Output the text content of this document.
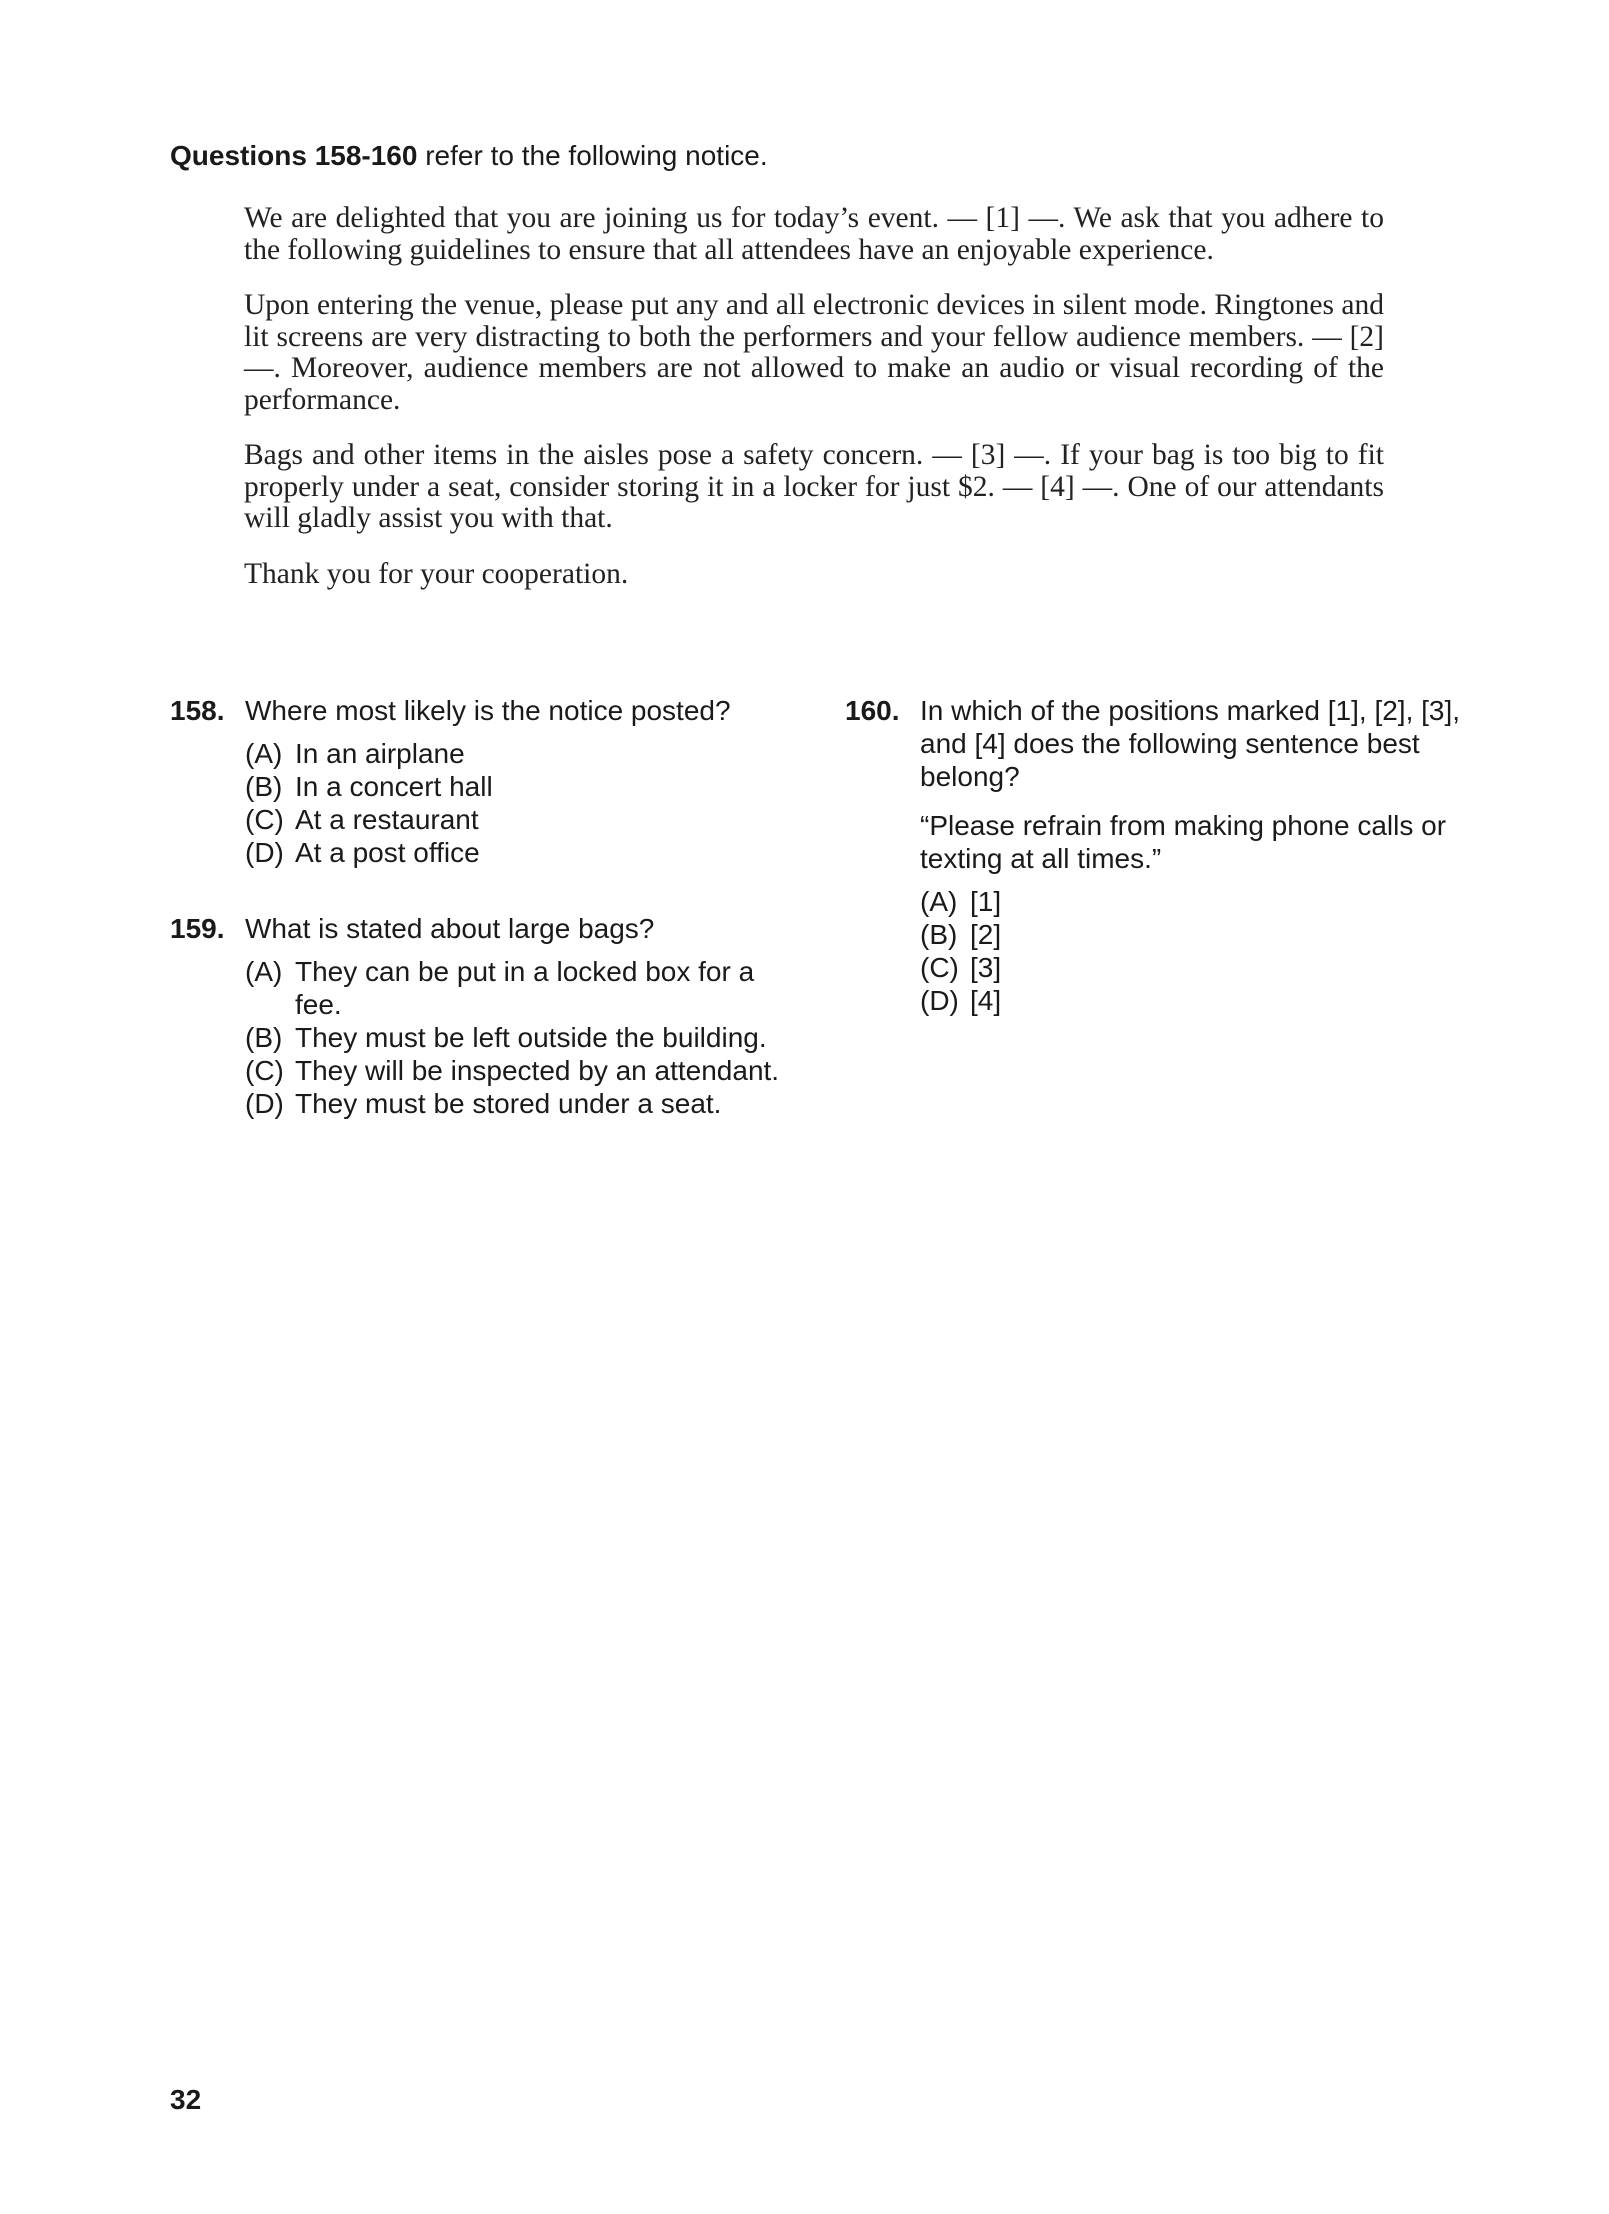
Questions 158-160 refer to the following notice.

We are delighted that you are joining us for today’s event. — [1] —. We ask that you adhere to the following guidelines to ensure that all attendees have an enjoyable experience.

Upon entering the venue, please put any and all electronic devices in silent mode. Ringtones and lit screens are very distracting to both the performers and your fellow audience members. — [2] —. Moreover, audience members are not allowed to make an audio or visual recording of the performance.

Bags and other items in the aisles pose a safety concern. — [3] —. If your bag is too big to fit properly under a seat, consider storing it in a locker for just $2. — [4] —. One of our attendants will gladly assist you with that.

Thank you for your cooperation.

158. Where most likely is the notice posted?
(A) In an airplane
(B) In a concert hall
(C) At a restaurant
(D) At a post office
159. What is stated about large bags?
(A) They can be put in a locked box for a fee.
(B) They must be left outside the building.
(C) They will be inspected by an attendant.
(D) They must be stored under a seat.
160. In which of the positions marked [1], [2], [3], and [4] does the following sentence best belong?
“Please refrain from making phone calls or texting at all times.”
(A) [1]
(B) [2]
(C) [3]
(D) [4]
32
